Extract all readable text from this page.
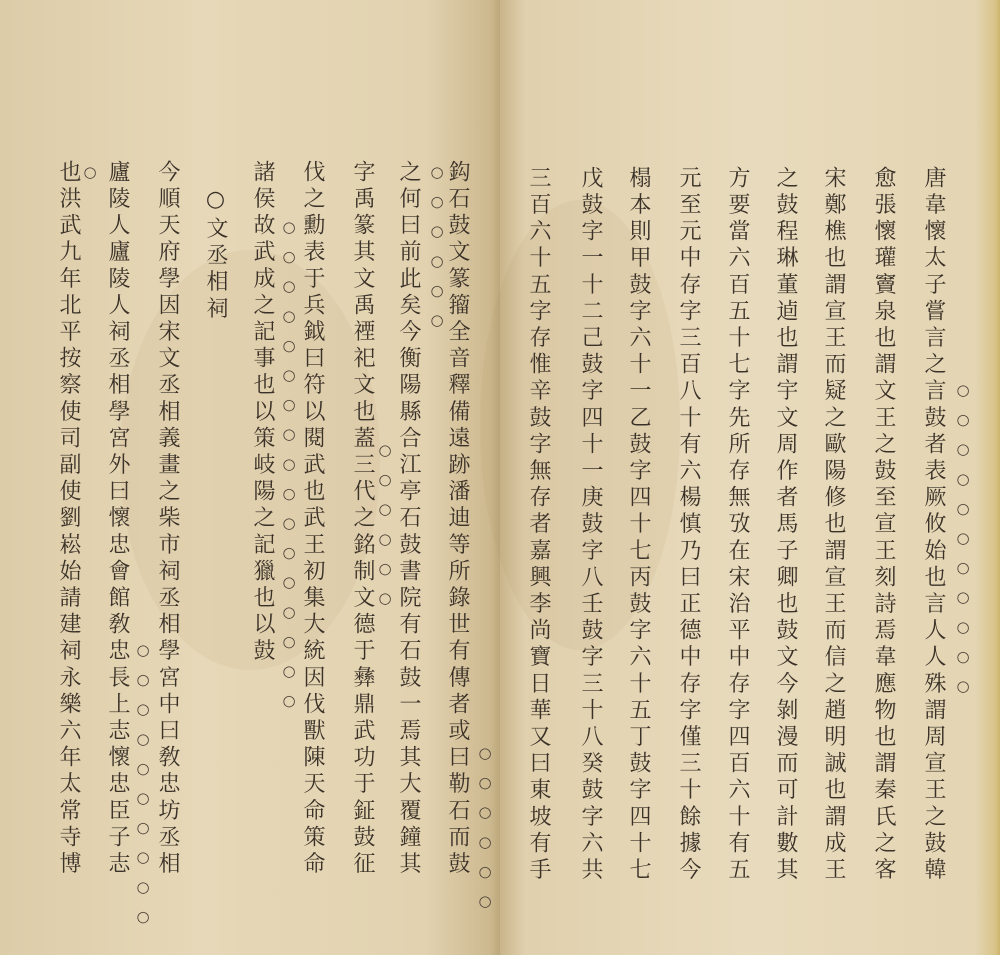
鈎石鼓文篆籀全音釋備遠跡潘迪等所錄世有傳者或曰勒石而鼓
之何曰前此矣今衡陽縣合江亭石鼓書院有石鼓一焉其大覆鐘其
字禹篆其文禹禋祀文也蓋三代之銘制文德于彝鼎武功于鉦鼓征
伐之勳表于兵鉞曰符以閱武也武王初集大統因伐獸陳天命策命
諸侯故武成之記事也以策岐陽之記獵也以鼓
○文丞相祠
今順天府學因宋文丞相義畫之柴市祠丞相學宮中曰敎忠坊丞相
廬陵人廬陵人祠丞相學宮外曰懷忠會館敎忠長上志懷忠臣子志
也洪武九年北平按察使司副使劉崧始請建祠永樂六年太常寺博	○○○○○○
○○○○○○
○○○○○○
○○○○○○○○○○○○○○○○○
○○○○○○○○○○
○	唐韋懷太子嘗言之言鼓者表厥攸始也言人人殊謂周宣王之鼓韓
愈張懷瓘竇泉也謂文王之鼓至宣王刻詩焉韋應物也謂秦氏之客
宋鄭樵也謂宣王而疑之歐陽修也謂宣王而信之趙明誠也謂成王
之鼓程琳董逌也謂宇文周作者馬子卿也鼓文今剝漫而可計數其
方要當六百五十七字先所存無攷在宋治平中存字四百六十有五
元至元中存字三百八十有六楊慎乃曰正德中存字僅三十餘據今
榻本則甲鼓字六十一乙鼓字四十七丙鼓字六十五丁鼓字四十七
戊鼓字一十二己鼓字四十一庚鼓字八壬鼓字三十八癸鼓字六共
三百六十五字存惟辛鼓字無存者嘉興李尚寶日華又曰東坡有手	○○○○○○○○○○○
